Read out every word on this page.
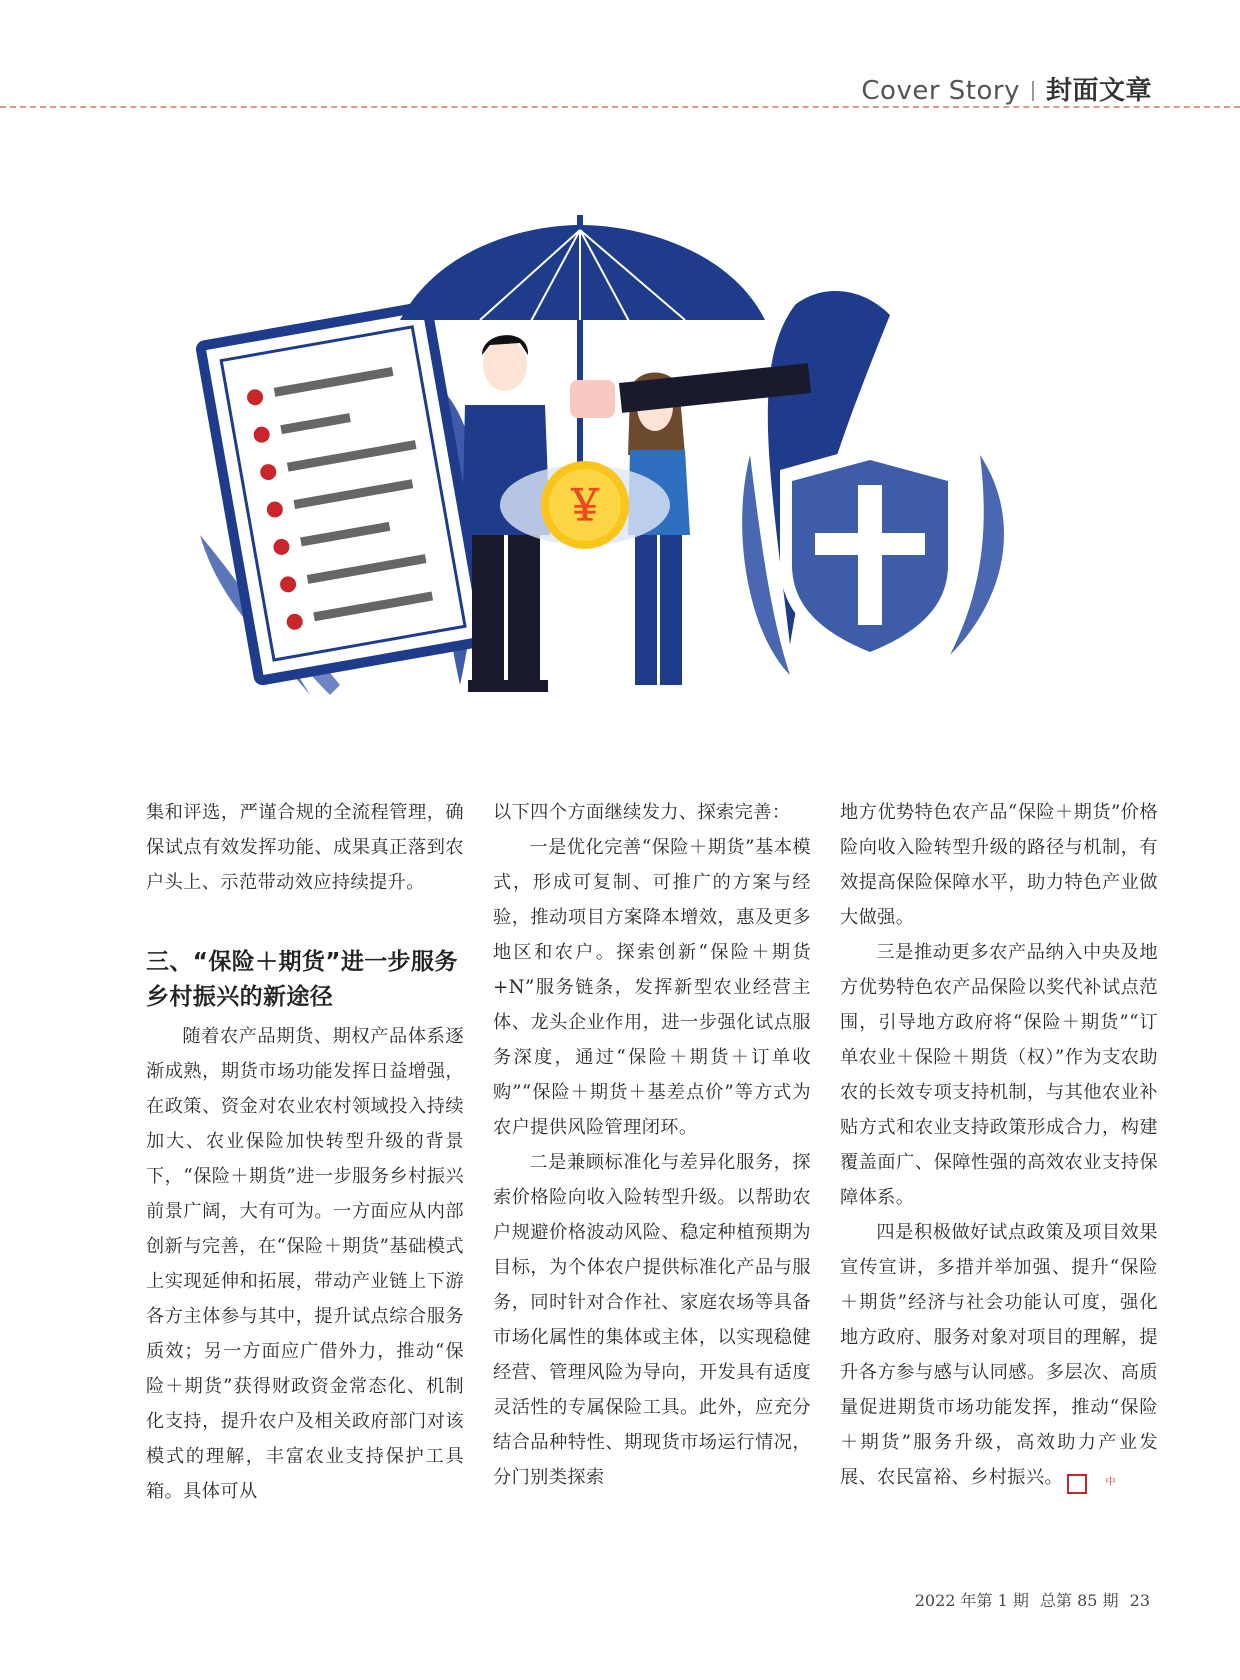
Cover Story 封面文章
￥

集和评选，严谨合规的全流程管理，确保试点有效发挥功能、成果真正落到农户头上、示范带动效应持续提升。

三、“保险＋期货”进一步服务乡村振兴的新途径

随着农产品期货、期权产品体系逐渐成熟，期货市场功能发挥日益增强，在政策、资金对农业农村领域投入持续加大、农业保险加快转型升级的背景下，“保险＋期货”进一步服务乡村振兴前景广阔，大有可为。一方面应从内部创新与完善，在“保险＋期货”基础模式上实现延伸和拓展，带动产业链上下游各方主体参与其中，提升试点综合服务质效；另一方面应广借外力，推动“保险＋期货”获得财政资金常态化、机制化支持，提升农户及相关政府部门对该模式的理解，丰富农业支持保护工具箱。具体可从

以下四个方面继续发力、探索完善：

一是优化完善“保险＋期货”基本模式，形成可复制、可推广的方案与经验，推动项目方案降本增效，惠及更多地区和农户。探索创新“保险＋期货+N”服务链条，发挥新型农业经营主体、龙头企业作用，进一步强化试点服务深度，通过“保险＋期货＋订单收购”“保险＋期货＋基差点价”等方式为农户提供风险管理闭环。

二是兼顾标准化与差异化服务，探索价格险向收入险转型升级。以帮助农户规避价格波动风险、稳定种植预期为目标，为个体农户提供标准化产品与服务，同时针对合作社、家庭农场等具备市场化属性的集体或主体，以实现稳健经营、管理风险为导向，开发具有适度灵活性的专属保险工具。此外，应充分结合品种特性、期现货市场运行情况，分门别类探索

地方优势特色农产品“保险＋期货”价格险向收入险转型升级的路径与机制，有效提高保险保障水平，助力特色产业做大做强。

三是推动更多农产品纳入中央及地方优势特色农产品保险以奖代补试点范围，引导地方政府将“保险＋期货”“订单农业＋保险＋期货（权）”作为支农助农的长效专项支持机制，与其他农业补贴方式和农业支持政策形成合力，构建覆盖面广、保障性强的高效农业支持保障体系。

四是积极做好试点政策及项目效果宣传宣讲，多措并举加强、提升“保险＋期货”经济与社会功能认可度，强化地方政府、服务对象对项目的理解，提升各方参与感与认同感。多层次、高质量促进期货市场功能发挥，推动“保险＋期货”服务升级，高效助力产业发展、农民富裕、乡村振兴。	中

2022 年第 1 期 总第 85 期 23
